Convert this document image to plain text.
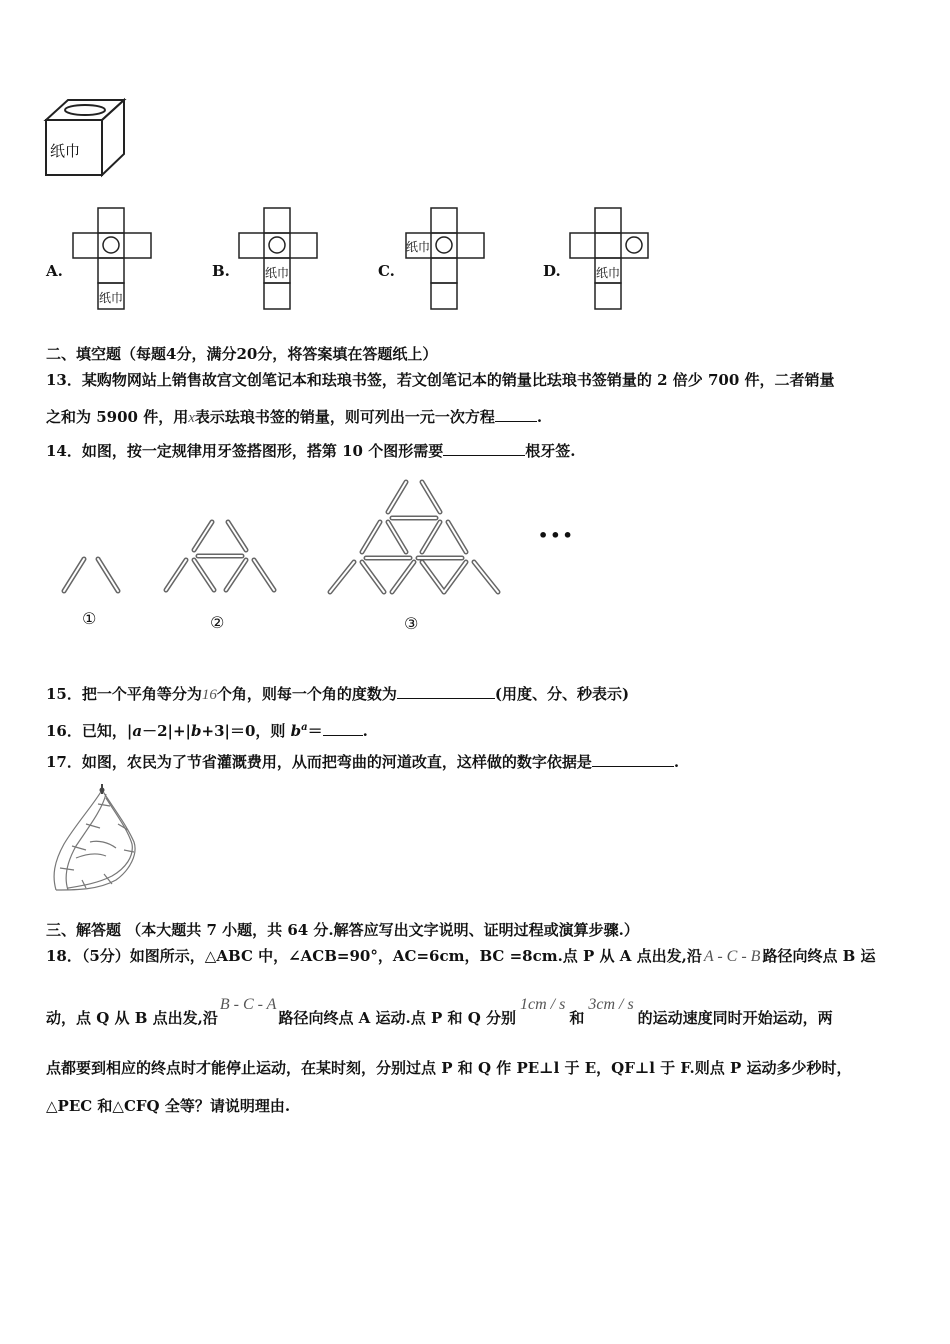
纸巾
A.
纸巾
B.	纸巾	C.
纸巾
D.	纸巾
二、填空题（每题4分，满分20分，将答案填在答题纸上）
13．某购物网站上销售故宫文创笔记本和珐琅书签，若文创笔记本的销量比珐琅书签销量的 2 倍少 700 件，二者销量
之和为 5900 件，用x表示珐琅书签的销量，则可列出一元一次方程	.
14．如图，按一定规律用牙签搭图形，搭第 10 个图形需要	根牙签.
•••
①	②	③
15．把一个平角等分为16个角，则每一个角的度数为	(用度、分、秒表示)
16．已知，|a－2|+|b+3|＝0，则 $b^a=$	.
17．如图，农民为了节省灌溉费用，从而把弯曲的河道改直，这样做的数字依据是	.
三、解答题 （本大题共 7 小题，共 64 分.解答应写出文字说明、证明过程或演算步骤.）
18．（5分）如图所示，△ABC 中，∠ACB=90°，AC=6cm，BC =8cm.点 P 从 A 点出发,沿 A - C - B 路径向终点 B 运
动，点 Q 从 B 点出发,沿B - C - A路径向终点 A 运动.点 P 和 Q 分别1cm / s和3cm / s的运动速度同时开始运动，两
点都要到相应的终点时才能停止运动，在某时刻，分别过点 P 和 Q 作 PE⊥l 于 E，QF⊥l 于 F.则点 P 运动多少秒时，
△PEC 和△CFQ 全等？请说明理由.
